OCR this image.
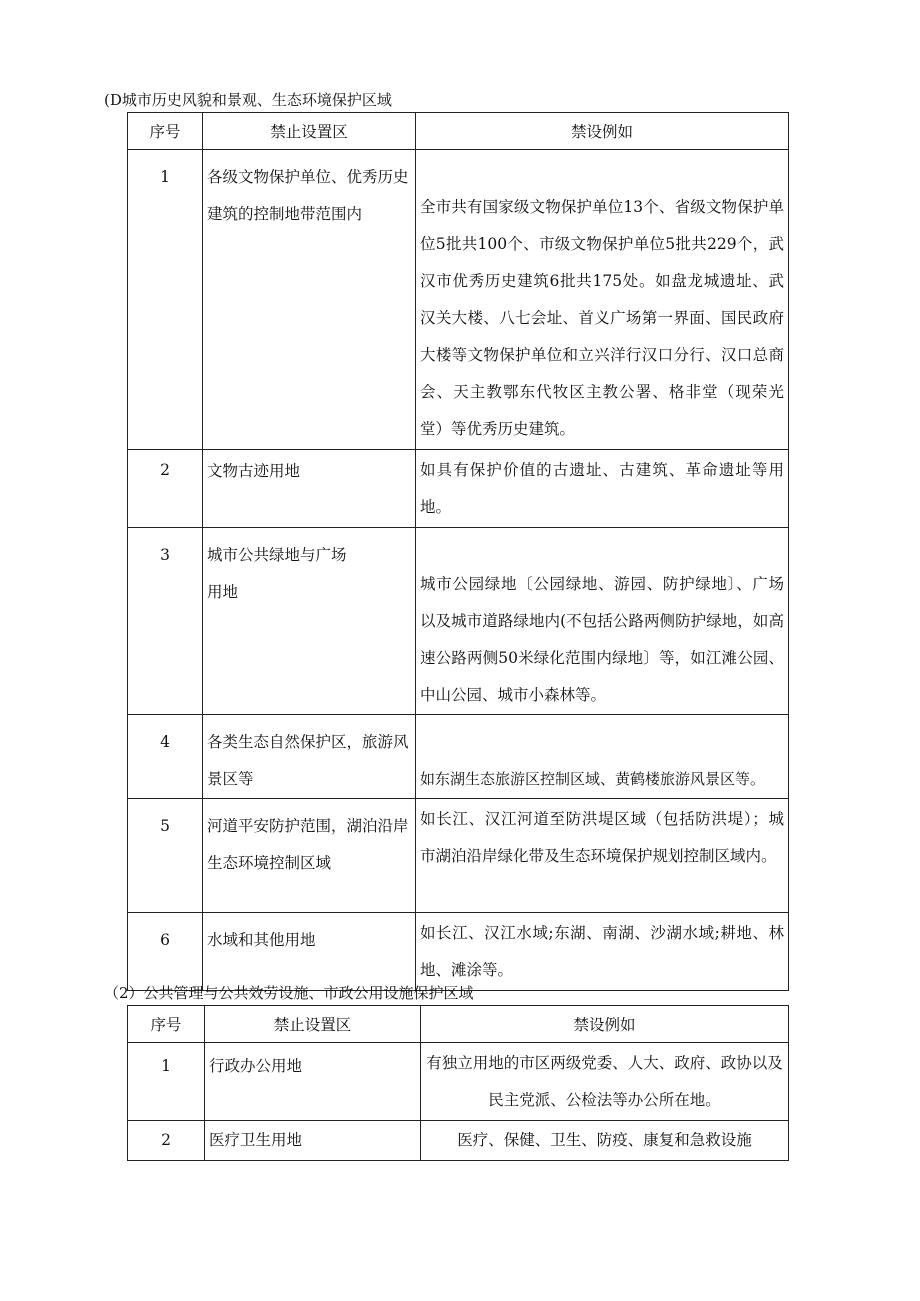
(D城市历史风貌和景观、生态环境保护区域
序号	禁止设置区	禁设例如
1	各级文物保护单位、优秀历史建筑的控制地带范围内	全市共有国家级文物保护单位13个、省级文物保护单位5批共100个、市级文物保护单位5批共229个，武汉市优秀历史建筑6批共175处。如盘龙城遗址、武汉关大楼、八七会址、首义广场第一界面、国民政府大楼等文物保护单位和立兴洋行汉口分行、汉口总商会、天主教鄂东代牧区主教公署、格非堂（现荣光堂）等优秀历史建筑。
2	文物古迹用地	如具有保护价值的古遗址、古建筑、革命遗址等用地。
3	城市公共绿地与广场用地	城市公园绿地〔公园绿地、游园、防护绿地〕、广场以及城市道路绿地内(不包括公路两侧防护绿地，如高速公路两侧50米绿化范围内绿地〕等，如江滩公园、中山公园、城市小森林等。
4	各类生态自然保护区，旅游风景区等	如东湖生态旅游区控制区域、黄鹤楼旅游风景区等。
5	河道平安防护范围，湖泊沿岸生态环境控制区域	如长江、汉江河道至防洪堤区域（包括防洪堤）；城市湖泊沿岸绿化带及生态环境保护规划控制区域内。
6	水域和其他用地	如长江、汉江水域;东湖、南湖、沙湖水域;耕地、林地、滩涂等。
（2）公共管理与公共效劳设施、市政公用设施保护区域
序号	禁止设置区	禁设例如
1	行政办公用地	有独立用地的市区两级党委、人大、政府、政协以及民主党派、公检法等办公所在地。
2	医疗卫生用地	医疗、保健、卫生、防疫、康复和急救设施
